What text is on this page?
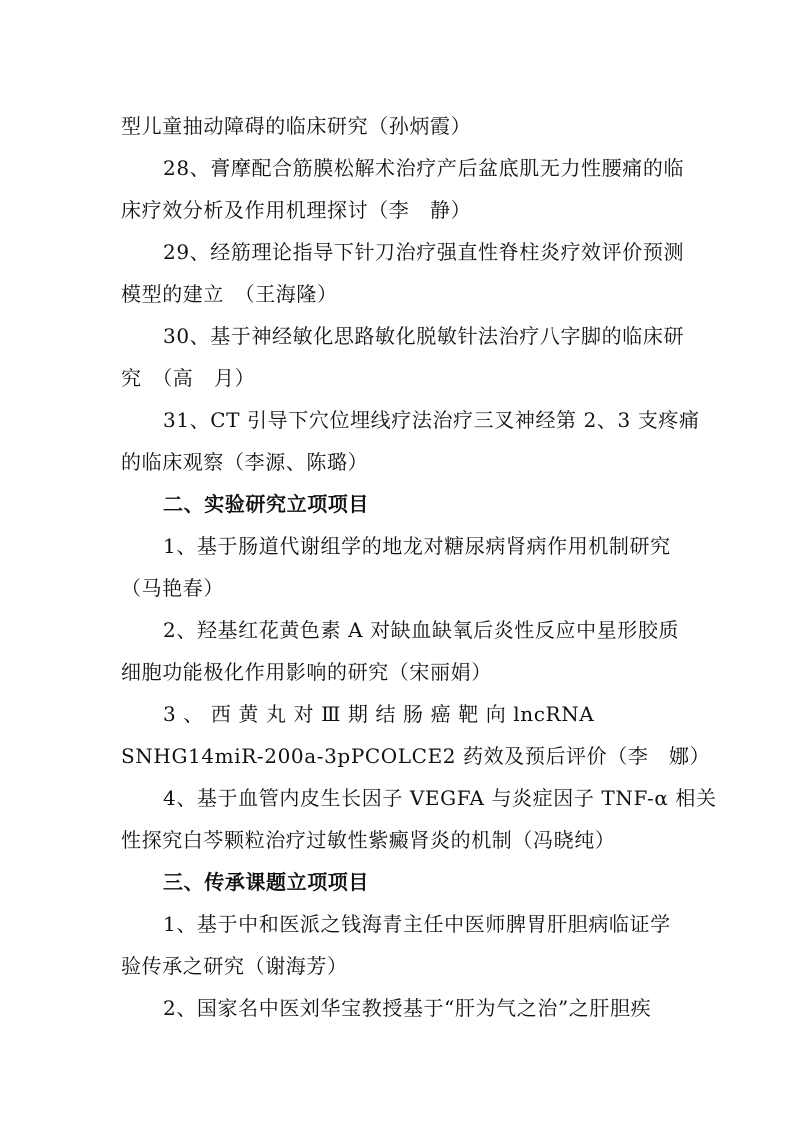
型儿童抽动障碍的临床研究（孙炳霞）
28、膏摩配合筋膜松解术治疗产后盆底肌无力性腰痛的临
床疗效分析及作用机理探讨（李　静）
29、经筋理论指导下针刀治疗强直性脊柱炎疗效评价预测
模型的建立　（王海隆）
30、基于神经敏化思路敏化脱敏针法治疗八字脚的临床研
究　（高　月）
31、CT 引导下穴位埋线疗法治疗三叉神经第 2、3 支疼痛
的临床观察（李源、陈璐）
二、实验研究立项项目
1、基于肠道代谢组学的地龙对糖尿病肾病作用机制研究
（马艳春）
2、羟基红花黄色素 A 对缺血缺氧后炎性反应中星形胶质
细胞功能极化作用影响的研究（宋丽娟）
3 、 西 黄 丸 对 Ⅲ 期 结 肠 癌 靶 向 lncRNA
SNHG14miR-200a-3pPCOLCE2 药效及预后评价（李　娜）
4、基于血管内皮生长因子 VEGFA 与炎症因子 TNF-α 相关
性探究白芩颗粒治疗过敏性紫癜肾炎的机制（冯晓纯）
三、传承课题立项项目
1、基于中和医派之钱海青主任中医师脾胃肝胆病临证学
验传承之研究（谢海芳）
2、国家名中医刘华宝教授基于“肝为气之治”之肝胆疾
